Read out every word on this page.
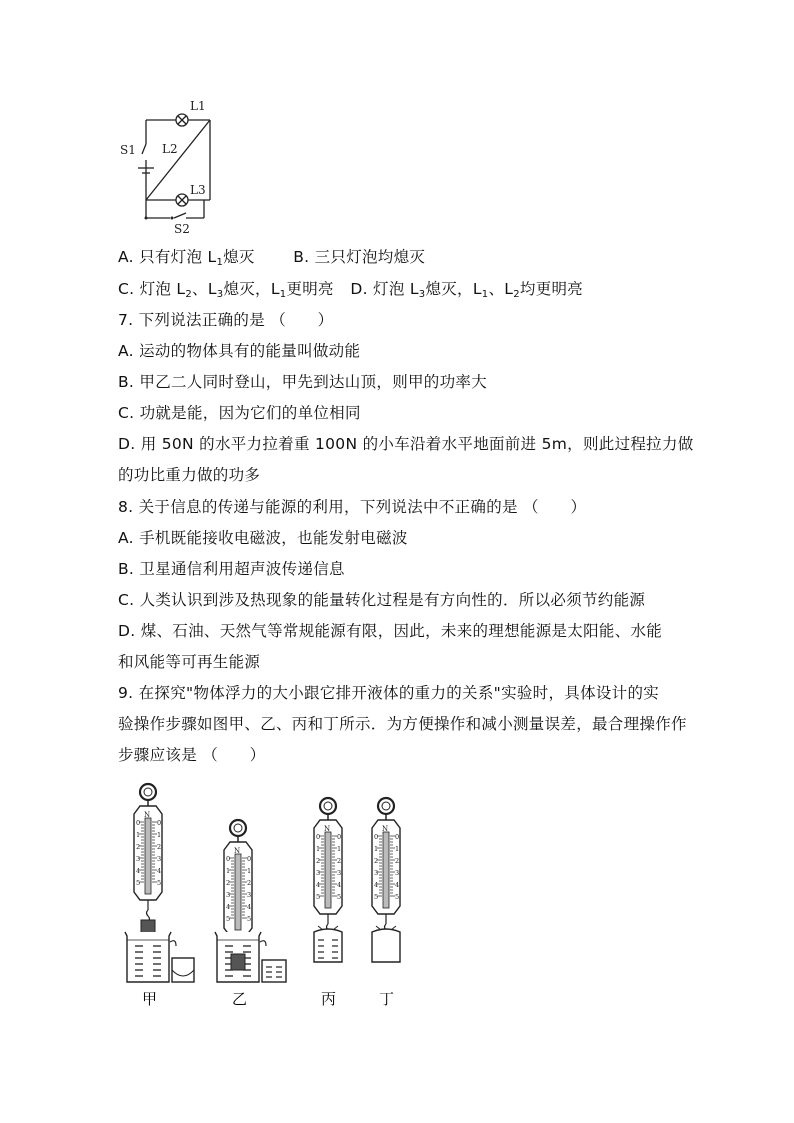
L1
L2
L3
S1
S2
A. 只有灯泡 $L_1$熄灭 B. 三只灯泡均熄灭
C. 灯泡 $L_2$、$L_3$熄灭，$L_1$更明亮 D. 灯泡 $L_3$熄灭，$L_1$、$L_2$均更明亮
7. 下列说法正确的是 （　　）
A. 运动的物体具有的能量叫做动能
B. 甲乙二人同时登山，甲先到达山顶，则甲的功率大
C. 功就是能，因为它们的单位相同
D. 用 50N 的水平力拉着重 100N 的小车沿着水平地面前进 5m，则此过程拉力做
的功比重力做的功多
8. 关于信息的传递与能源的利用，下列说法中不正确的是 （　　）
A. 手机既能接收电磁波，也能发射电磁波
B. 卫星通信利用超声波传递信息
C. 人类认识到涉及热现象的能量转化过程是有方向性的．所以必须节约能源
D. 煤、石油、天然气等常规能源有限，因此，未来的理想能源是太阳能、水能
和风能等可再生能源
9. 在探究"物体浮力的大小跟它排开液体的重力的关系"实验时，具体设计的实
验操作步骤如图甲、乙、丙和丁所示．为方便操作和减小测量误差，最合理操作作
步骤应该是 （　　）
N
0	0
1	1
2	2
3	3
4	4
5	5
甲
N
0	0
1	1
2	2
3	3
4	4
5	5
乙
N
0	0
1	1
2	2
3	3
4	4
5	5
丙
N
0	0
1	1
2	2
3	3
4	4
5	5
丁
